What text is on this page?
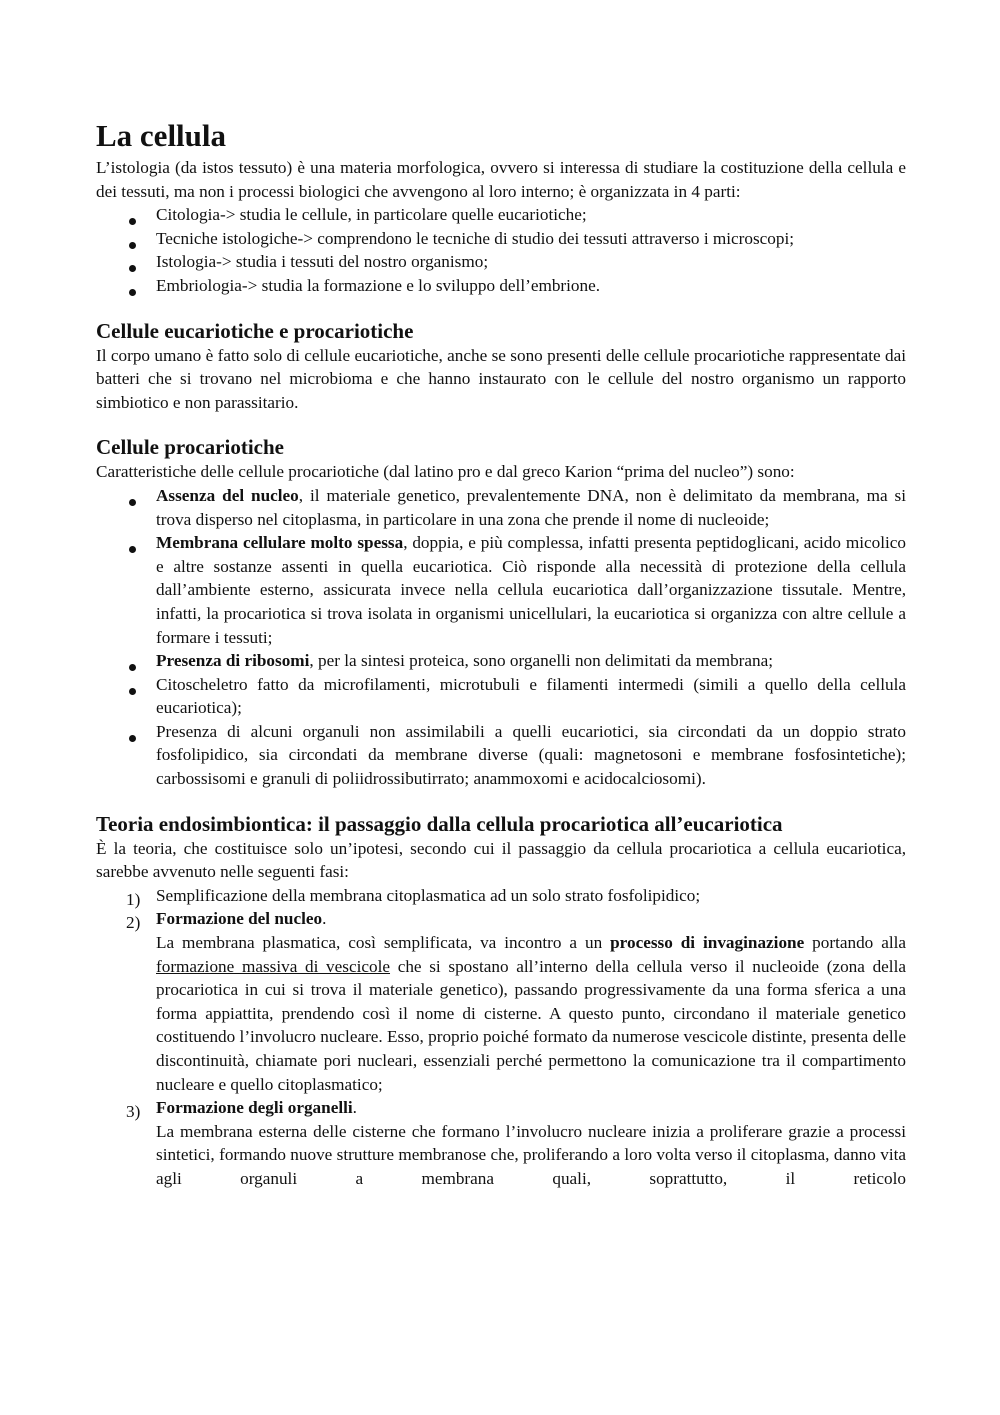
La cellula

L’istologia (da istos tessuto) è una materia morfologica, ovvero si interessa di studiare la costituzione della cellula e dei tessuti, ma non i processi biologici che avvengono al loro interno; è organizzata in 4 parti:

Citologia-> studia le cellule, in particolare quelle eucariotiche;
Tecniche istologiche-> comprendono le tecniche di studio dei tessuti attraverso i microscopi;
Istologia-> studia i tessuti del nostro organismo;
Embriologia-> studia la formazione e lo sviluppo dell’embrione.
Cellule eucariotiche e procariotiche

Il corpo umano è fatto solo di cellule eucariotiche, anche se sono presenti delle cellule procariotiche rappresentate dai batteri che si trovano nel microbioma e che hanno instaurato con le cellule del nostro organismo un rapporto simbiotico e non parassitario.

Cellule procariotiche

Caratteristiche delle cellule procariotiche (dal latino pro e dal greco Karion “prima del nucleo”) sono:

Assenza del nucleo, il materiale genetico, prevalentemente DNA, non è delimitato da membrana, ma si trova disperso nel citoplasma, in particolare in una zona che prende il nome di nucleoide;
Membrana cellulare molto spessa, doppia, e più complessa, infatti presenta peptidoglicani, acido micolico e altre sostanze assenti in quella eucariotica. Ciò risponde alla necessità di protezione della cellula dall’ambiente esterno, assicurata invece nella cellula eucariotica dall’organizzazione tissutale. Mentre, infatti, la procariotica si trova isolata in organismi unicellulari, la eucariotica si organizza con altre cellule a formare i tessuti;
Presenza di ribosomi, per la sintesi proteica, sono organelli non delimitati da membrana;
Citoscheletro fatto da microfilamenti, microtubuli e filamenti intermedi (simili a quello della cellula eucariotica);
Presenza di alcuni organuli non assimilabili a quelli eucariotici, sia circondati da un doppio strato fosfolipidico, sia circondati da membrane diverse (quali: magnetosoni e membrane fosfosintetiche); carbossisomi e granuli di poliidrossibutirrato; anammoxomi e acidocalciosomi).
Teoria endosimbiontica: il passaggio dalla cellula procariotica all’eucariotica

È la teoria, che costituisce solo un’ipotesi, secondo cui il passaggio da cellula procariotica a cellula eucariotica, sarebbe avvenuto nelle seguenti fasi:

1) Semplificazione della membrana citoplasmatica ad un solo strato fosfolipidico;
2) Formazione del nucleo.
La membrana plasmatica, così semplificata, va incontro a un processo di invaginazione portando alla formazione massiva di vescicole che si spostano all’interno della cellula verso il nucleoide (zona della procariotica in cui si trova il materiale genetico), passando progressivamente da una forma sferica a una forma appiattita, prendendo così il nome di cisterne. A questo punto, circondano il materiale genetico costituendo l’involucro nucleare. Esso, proprio poiché formato da numerose vescicole distinte, presenta delle discontinuità, chiamate pori nucleari, essenziali perché permettono la comunicazione tra il compartimento nucleare e quello citoplasmatico;
3) Formazione degli organelli.
La membrana esterna delle cisterne che formano l’involucro nucleare inizia a proliferare grazie a processi sintetici, formando nuove strutture membranose che, proliferando a loro volta verso il citoplasma, danno vita agli organuli a membrana quali, soprattutto, il reticolo
